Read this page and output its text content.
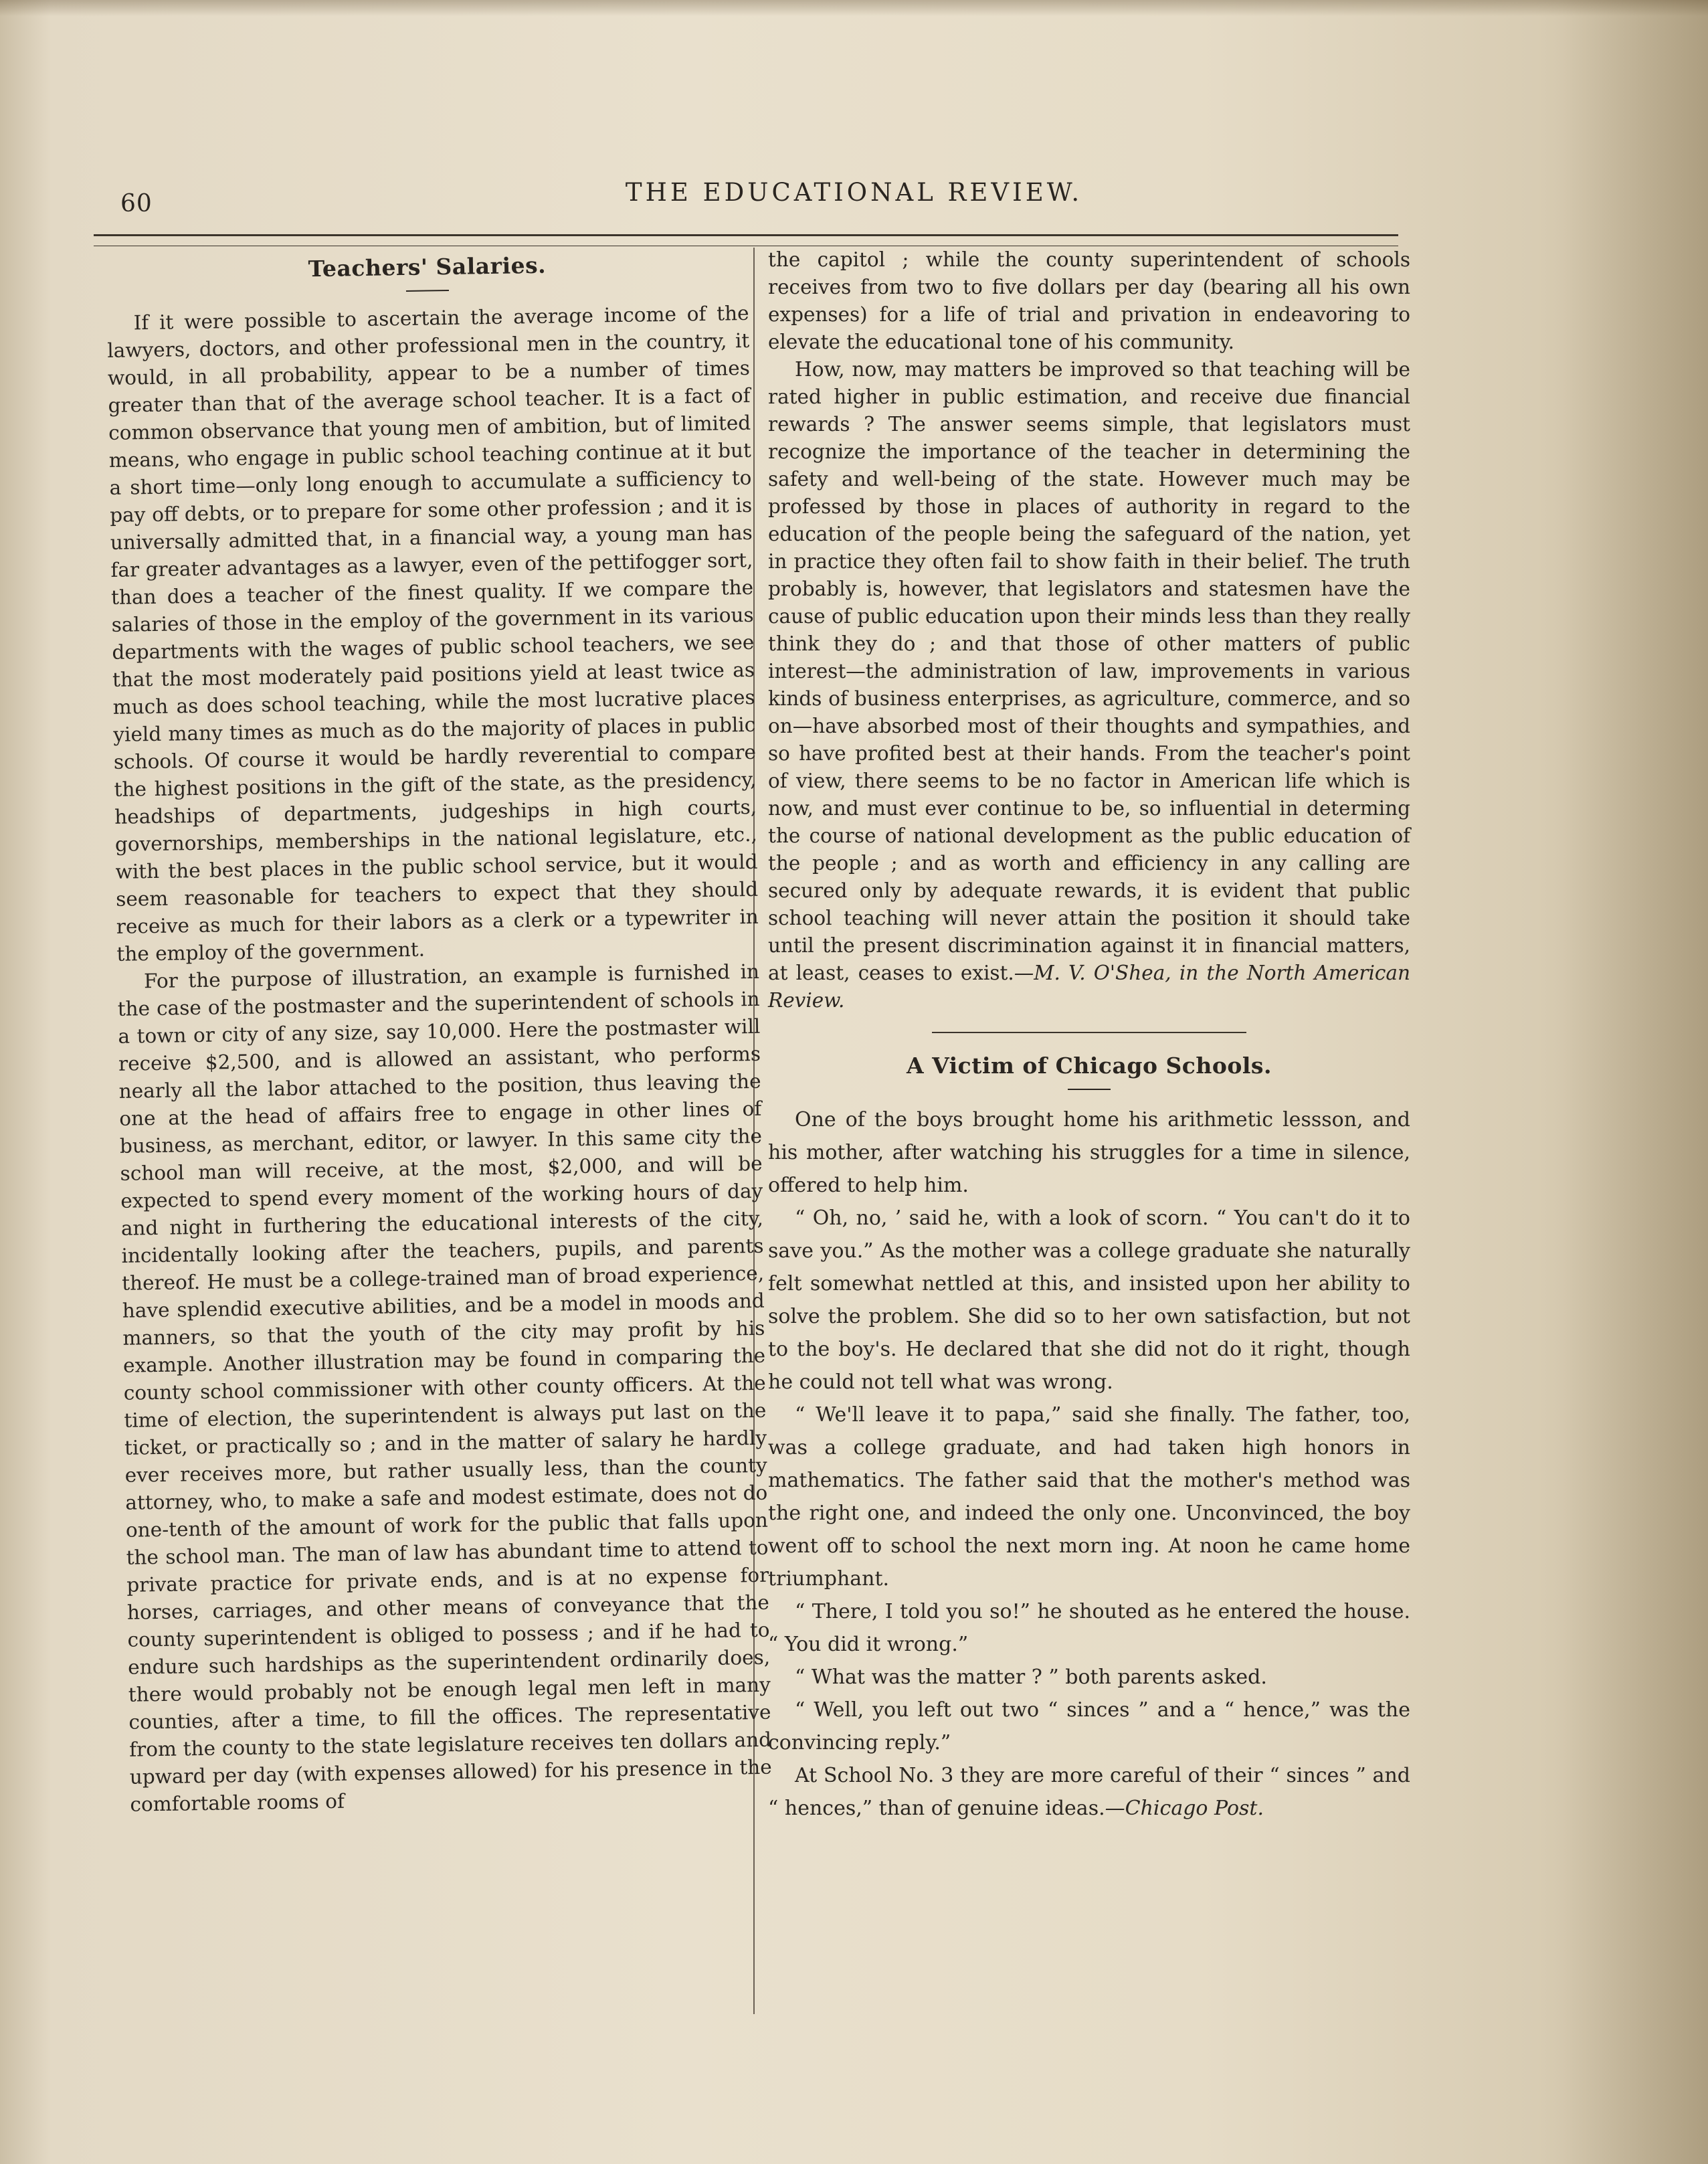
60	THE EDUCATIONAL REVIEW.
Teachers' Salaries.

If it were possible to ascertain the average income of the lawyers, doctors, and other professional men in the country, it would, in all probability, appear to be a number of times greater than that of the average school teacher. It is a fact of common observance that young men of ambition, but of limited means, who engage in public school teaching continue at it but a short time—only long enough to accumulate a sufficiency to pay off debts, or to prepare for some other profession ; and it is universally admitted that, in a financial way, a young man has far greater advantages as a lawyer, even of the pettifogger sort, than does a teacher of the finest quality. If we compare the salaries of those in the employ of the government in its various departments with the wages of public school teachers, we see that the most moderately paid positions yield at least twice as much as does school teaching, while the most lucrative places yield many times as much as do the majority of places in public schools. Of course it would be hardly reverential to compare the highest positions in the gift of the state, as the presidency, headships of departments, judgeships in high courts, governorships, memberships in the national legislature, etc., with the best places in the public school service, but it would seem reasonable for teachers to expect that they should receive as much for their labors as a clerk or a typewriter in the employ of the government.

For the purpose of illustration, an example is furnished in the case of the postmaster and the superintendent of schools in a town or city of any size, say 10,000. Here the postmaster will receive $2,500, and is allowed an assistant, who performs nearly all the labor attached to the position, thus leaving the one at the head of affairs free to engage in other lines of business, as merchant, editor, or lawyer. In this same city the school man will receive, at the most, $2,000, and will be expected to spend every moment of the working hours of day and night in furthering the educational interests of the city, incidentally looking after the teachers, pupils, and parents thereof. He must be a college-trained man of broad experience, have splendid executive abilities, and be a model in moods and manners, so that the youth of the city may profit by his example. Another illustration may be found in comparing the county school commissioner with other county officers. At the time of election, the superintendent is always put last on the ticket, or practically so ; and in the matter of salary he hardly ever receives more, but rather usually less, than the county attorney, who, to make a safe and modest estimate, does not do one-tenth of the amount of work for the public that falls upon the school man. The man of law has abundant time to attend to private practice for private ends, and is at no expense for horses, carriages, and other means of conveyance that the county superintendent is obliged to possess ; and if he had to endure such hardships as the superintendent ordinarily does, there would probably not be enough legal men left in many counties, after a time, to fill the offices. The representative from the county to the state legislature receives ten dollars and upward per day (with expenses allowed) for his presence in the comfortable rooms of

the capitol ; while the county superintendent of schools receives from two to five dollars per day (bearing all his own expenses) for a life of trial and privation in endeavoring to elevate the educational tone of his community.

How, now, may matters be improved so that teaching will be rated higher in public estimation, and receive due financial rewards ? The answer seems simple, that legislators must recognize the importance of the teacher in determining the safety and well-being of the state. However much may be professed by those in places of authority in regard to the education of the people being the safeguard of the nation, yet in practice they often fail to show faith in their belief. The truth probably is, however, that legislators and statesmen have the cause of public education upon their minds less than they really think they do ; and that those of other matters of public interest—the administration of law, improvements in various kinds of business enterprises, as agriculture, commerce, and so on—have absorbed most of their thoughts and sympathies, and so have profited best at their hands. From the teacher's point of view, there seems to be no factor in American life which is now, and must ever continue to be, so influential in determing the course of national development as the public education of the people ; and as worth and efficiency in any calling are secured only by adequate rewards, it is evident that public school teaching will never attain the position it should take until the present discrimination against it in financial matters, at least, ceases to exist.—M. V. O'Shea, in the North American Review.

A Victim of Chicago Schools.

One of the boys brought home his arithmetic lessson, and his mother, after watching his struggles for a time in silence, offered to help him.

“ Oh, no, ’ said he, with a look of scorn. “ You can't do it to save you.” As the mother was a college graduate she naturally felt somewhat nettled at this, and insisted upon her ability to solve the problem. She did so to her own satisfaction, but not to the boy's. He declared that she did not do it right, though he could not tell what was wrong.

“ We'll leave it to papa,” said she finally. The father, too, was a college graduate, and had taken high honors in mathematics. The father said that the mother's method was the right one, and indeed the only one. Unconvinced, the boy went off to school the next morn ing. At noon he came home triumphant.

“ There, I told you so!” he shouted as he entered the house. “ You did it wrong.”

“ What was the matter ? ” both parents asked.

“ Well, you left out two “ sinces ” and a “ hence,” was the convincing reply.”

At School No. 3 they are more careful of their “ sinces ” and “ hences,” than of genuine ideas.—Chicago Post.
